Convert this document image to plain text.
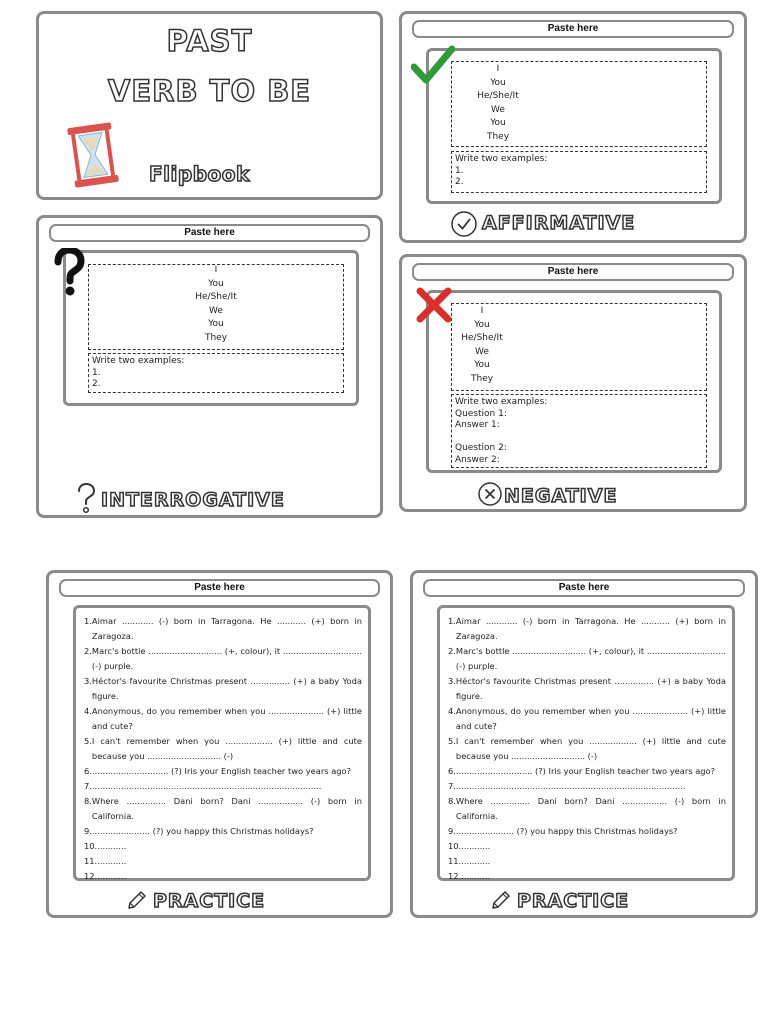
PAST
VERB TO BE
Flipbook
Paste here
I
You
He/She/It
We
You
They
Write two examples:
1.
2.
AFFIRMATIVE
Paste here
I
You
He/She/It
We
You
They
Write two examples:
1.
2.
INTERROGATIVE
Paste here
I
You
He/She/It
We
You
They
Write two examples:
Question 1:
Answer 1:
Question 2:
Answer 2:
NEGATIVE
Paste here
1. Aimar ............ (-) born in Tarragona. He ........... (+) born in Zaragoza.
2. Marc's bottle ............................ (+, colour), it .............................. (-) purple.
3. Héctor's favourite Christmas present ............... (+) a baby Yoda figure.
4. Anonymous, do you remember when you ..................... (+) little and cute?
5. I can't remember when you .................. (+) little and cute because you ............................ (-)
6. ............................. (?) Iris your English teacher two years ago?
7. .......................................................................................
8. Where ............... Dani born? Dani ................. (-) born in California.
9. ...................... (?) you happy this Christmas holidays?
10. ...........
11. ...........
12. ...........
PRACTICE
Paste here
1. Aimar ............ (-) born in Tarragona. He ........... (+) born in Zaragoza.
2. Marc's bottle ............................ (+, colour), it .............................. (-) purple.
3. Héctor's favourite Christmas present ............... (+) a baby Yoda figure.
4. Anonymous, do you remember when you ..................... (+) little and cute?
5. I can't remember when you .................. (+) little and cute because you ............................ (-)
6. ............................. (?) Iris your English teacher two years ago?
7. .......................................................................................
8. Where ............... Dani born? Dani ................. (-) born in California.
9. ...................... (?) you happy this Christmas holidays?
10. ...........
11. ...........
12. ...........
PRACTICE
